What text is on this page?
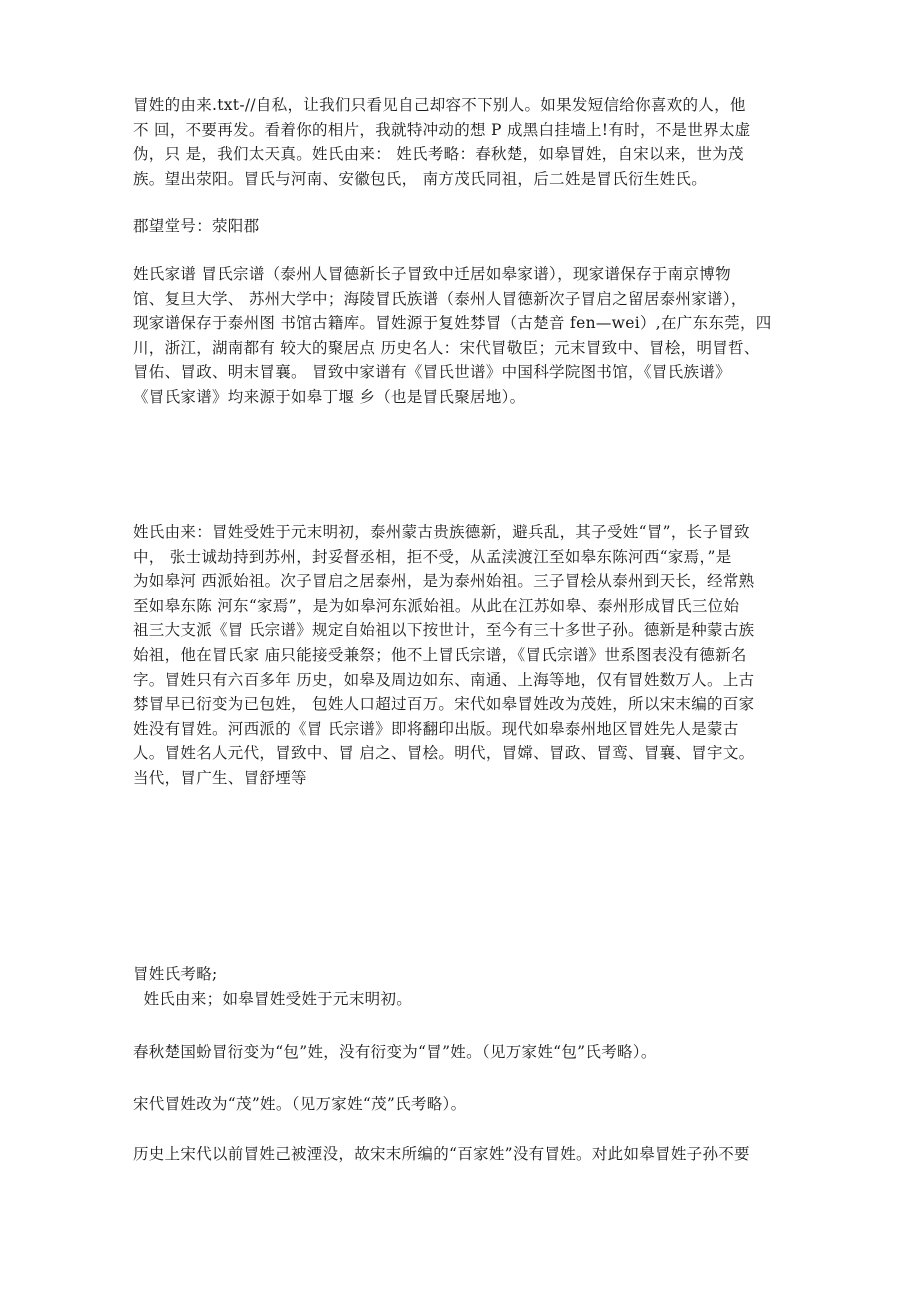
冒姓的由来.txt-//自私，让我们只看见自己却容不下别人。如果发短信给你喜欢的人，他
不 回，不要再发。看着你的相片，我就特冲动的想 P 成黑白挂墙上!有时，不是世界太虚
伪，只 是，我们太天真。姓氏由来： 姓氏考略：春秋楚，如皋冒姓，自宋以来，世为茂
族。望出荥阳。冒氏与河南、安徽包氏， 南方茂氏同祖，后二姓是冒氏衍生姓氏。
郡望堂号：荥阳郡
姓氏家谱 冒氏宗谱（泰州人冒德新长子冒致中迁居如皋家谱），现家谱保存于南京博物
馆、复旦大学、 苏州大学中；海陵冒氏族谱（泰州人冒德新次子冒启之留居泰州家谱），
现家谱保存于泰州图 书馆古籍库。冒姓源于复姓棼冒（古楚音 fen—wei）,在广东东莞，四
川，浙江，湖南都有 较大的聚居点 历史名人：宋代冒敬臣；元末冒致中、冒桧，明冒哲、
冒佑、冒政、明末冒襄。 冒致中家谱有《冒氏世谱》中国科学院图书馆，《冒氏族谱》
《冒氏家谱》均来源于如皋丁堰 乡（也是冒氏聚居地）。
姓氏由来：冒姓受姓于元末明初，泰州蒙古贵族德新，避兵乱，其子受姓“冒”，长子冒致
中， 张士诚劫持到苏州，封妥督丞相，拒不受，从孟渎渡江至如皋东陈河西“家焉，”是
为如皋河 西派始祖。次子冒启之居泰州，是为泰州始祖。三子冒桧从泰州到天长，经常熟
至如皋东陈 河东“家焉”，是为如皋河东派始祖。从此在江苏如皋、泰州形成冒氏三位始
祖三大支派《冒 氏宗谱》规定自始祖以下按世计，至今有三十多世子孙。德新是种蒙古族
始祖，他在冒氏家 庙只能接受兼祭；他不上冒氏宗谱，《冒氏宗谱》世系图表没有德新名
字。冒姓只有六百多年 历史，如皋及周边如东、南通、上海等地，仅有冒姓数万人。上古
棼冒早已衍变为已包姓， 包姓人口超过百万。宋代如皋冒姓改为茂姓，所以宋末编的百家
姓没有冒姓。河西派的《冒 氏宗谱》即将翻印出版。现代如皋泰州地区冒姓先人是蒙古
人。冒姓名人元代，冒致中、冒 启之、冒桧。明代，冒嫦、冒政、冒鸾、冒襄、冒宇文。
当代，冒广生、冒舒堙等
冒姓氏考略;
姓氏由来；如皋冒姓受姓于元末明初。
春秋楚国蚡冒衍变为“包”姓，没有衍变为“冒”姓。（见万家姓“包”氏考略）。
宋代冒姓改为“茂”姓。（见万家姓“茂”氏考略）。
历史上宋代以前冒姓己被湮没，故宋末所编的“百家姓”没有冒姓。对此如皋冒姓子孙不要
